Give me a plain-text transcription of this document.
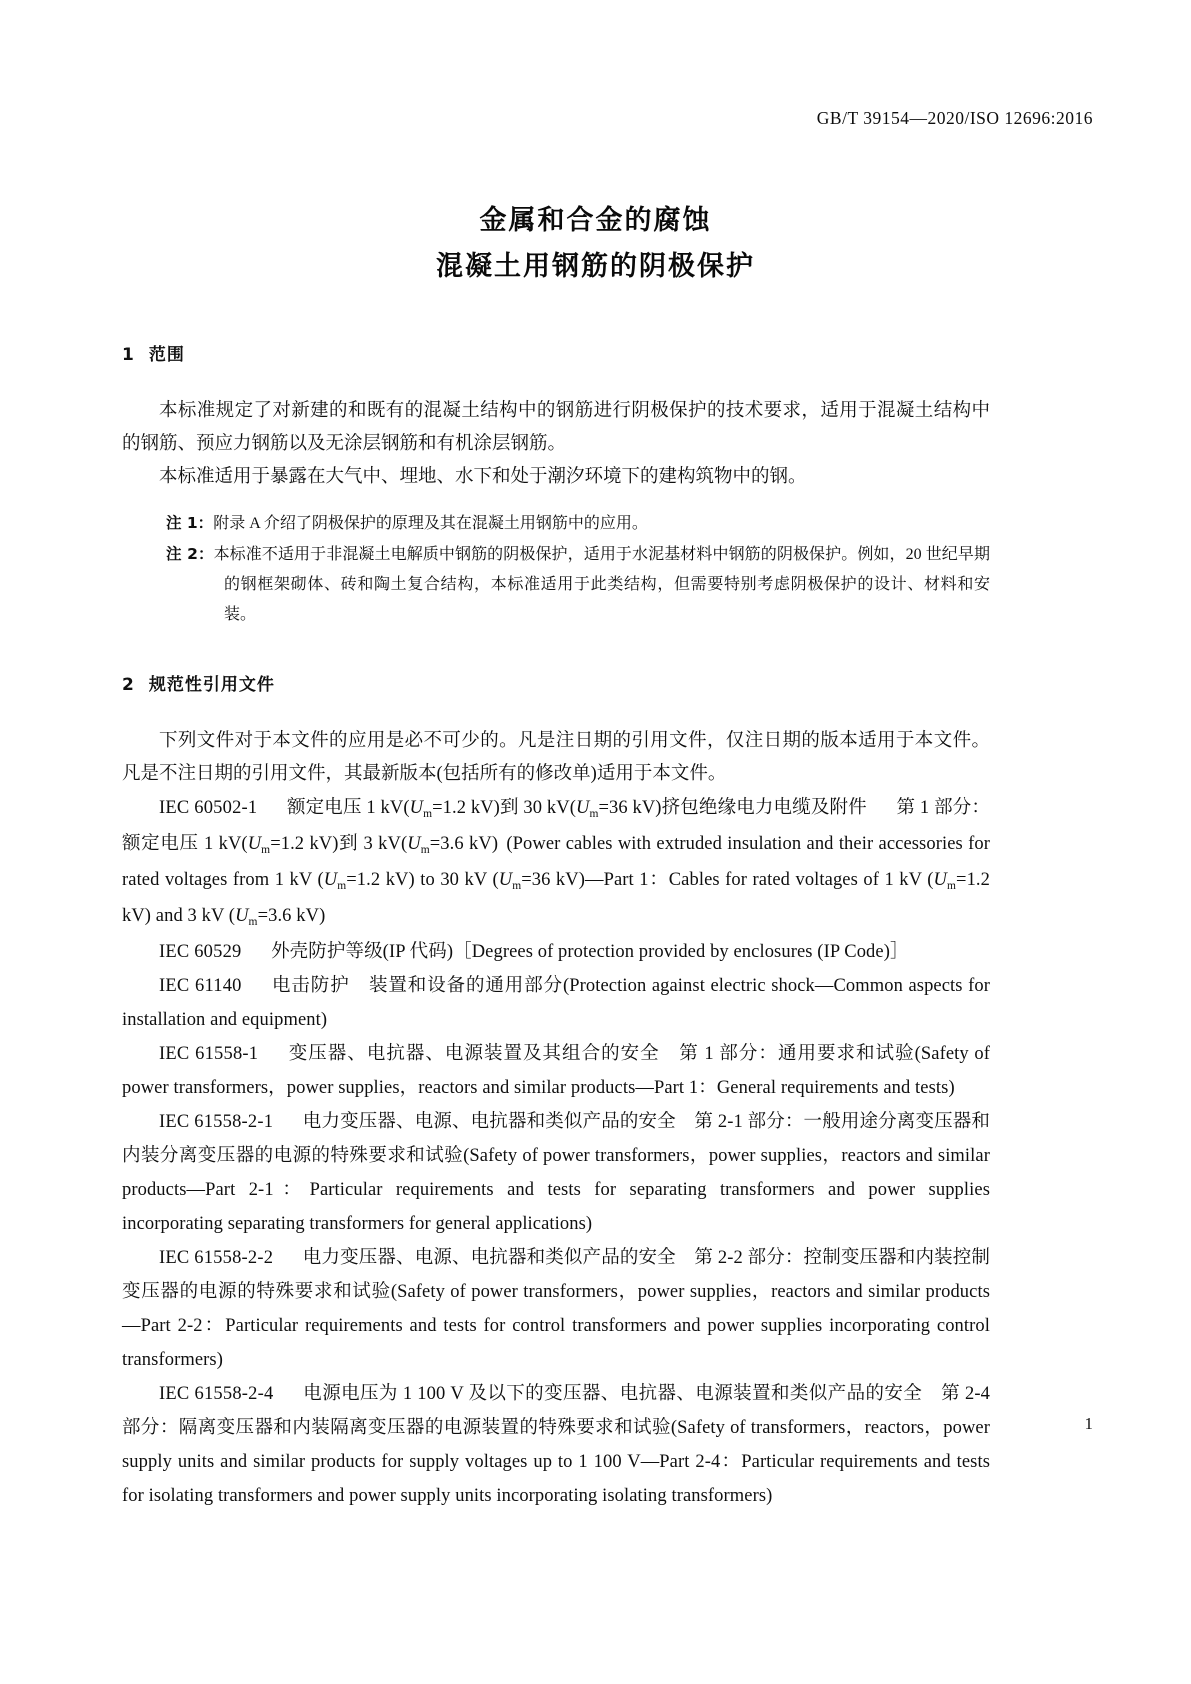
GB/T 39154—2020/ISO 12696:2016
金属和合金的腐蚀
混凝土用钢筋的阴极保护
1 范围

本标准规定了对新建的和既有的混凝土结构中的钢筋进行阴极保护的技术要求，适用于混凝土结构中的钢筋、预应力钢筋以及无涂层钢筋和有机涂层钢筋。

本标准适用于暴露在大气中、埋地、水下和处于潮汐环境下的建构筑物中的钢。

注 1：附录 A 介绍了阴极保护的原理及其在混凝土用钢筋中的应用。

注 2：本标准不适用于非混凝土电解质中钢筋的阴极保护，适用于水泥基材料中钢筋的阴极保护。例如，20 世纪早期的钢框架砌体、砖和陶土复合结构，本标准适用于此类结构，但需要特别考虑阴极保护的设计、材料和安装。

2 规范性引用文件

下列文件对于本文件的应用是必不可少的。凡是注日期的引用文件，仅注日期的版本适用于本文件。凡是不注日期的引用文件，其最新版本(包括所有的修改单)适用于本文件。

IEC 60502-1 额定电压 1 $kV(U_m=1.2$ kV)到 30 $kV(U_m=36$ kV)挤包绝缘电力电缆及附件 第 1 部分：额定电压 1 $kV(U_m=1.2$ kV)到 3 $kV(U_m=3.6$ kV) (Power cables with extruded insulation and their accessories for rated voltages from 1 kV ($U_m=1.2$ kV) to 30 kV ($U_m=36$ kV)—Part 1：Cables for rated voltages of 1 kV ($U_m=1.2$ kV) and 3 kV ($U_m=3.6$ kV)

IEC 60529 外壳防护等级(IP 代码)［Degrees of protection provided by enclosures (IP Code)］

IEC 61140 电击防护　装置和设备的通用部分(Protection against electric shock—Common aspects for installation and equipment)

IEC 61558-1 变压器、电抗器、电源装置及其组合的安全　第 1 部分：通用要求和试验(Safety of power transformers，power supplies，reactors and similar products—Part 1：General requirements and tests)

IEC 61558-2-1 电力变压器、电源、电抗器和类似产品的安全　第 2-1 部分：一般用途分离变压器和内装分离变压器的电源的特殊要求和试验(Safety of power transformers，power supplies，reactors and similar products—Part 2-1：Particular requirements and tests for separating transformers and power supplies incorporating separating transformers for general applications)

IEC 61558-2-2 电力变压器、电源、电抗器和类似产品的安全　第 2-2 部分：控制变压器和内装控制变压器的电源的特殊要求和试验(Safety of power transformers，power supplies，reactors and similar products—Part 2-2：Particular requirements and tests for control transformers and power supplies incorporating control transformers)

IEC 61558-2-4 电源电压为 1 100 V 及以下的变压器、电抗器、电源装置和类似产品的安全　第 2-4 部分：隔离变压器和内装隔离变压器的电源装置的特殊要求和试验(Safety of transformers，reactors，power supply units and similar products for supply voltages up to 1 100 V—Part 2-4：Particular requirements and tests for isolating transformers and power supply units incorporating isolating transformers)

1
